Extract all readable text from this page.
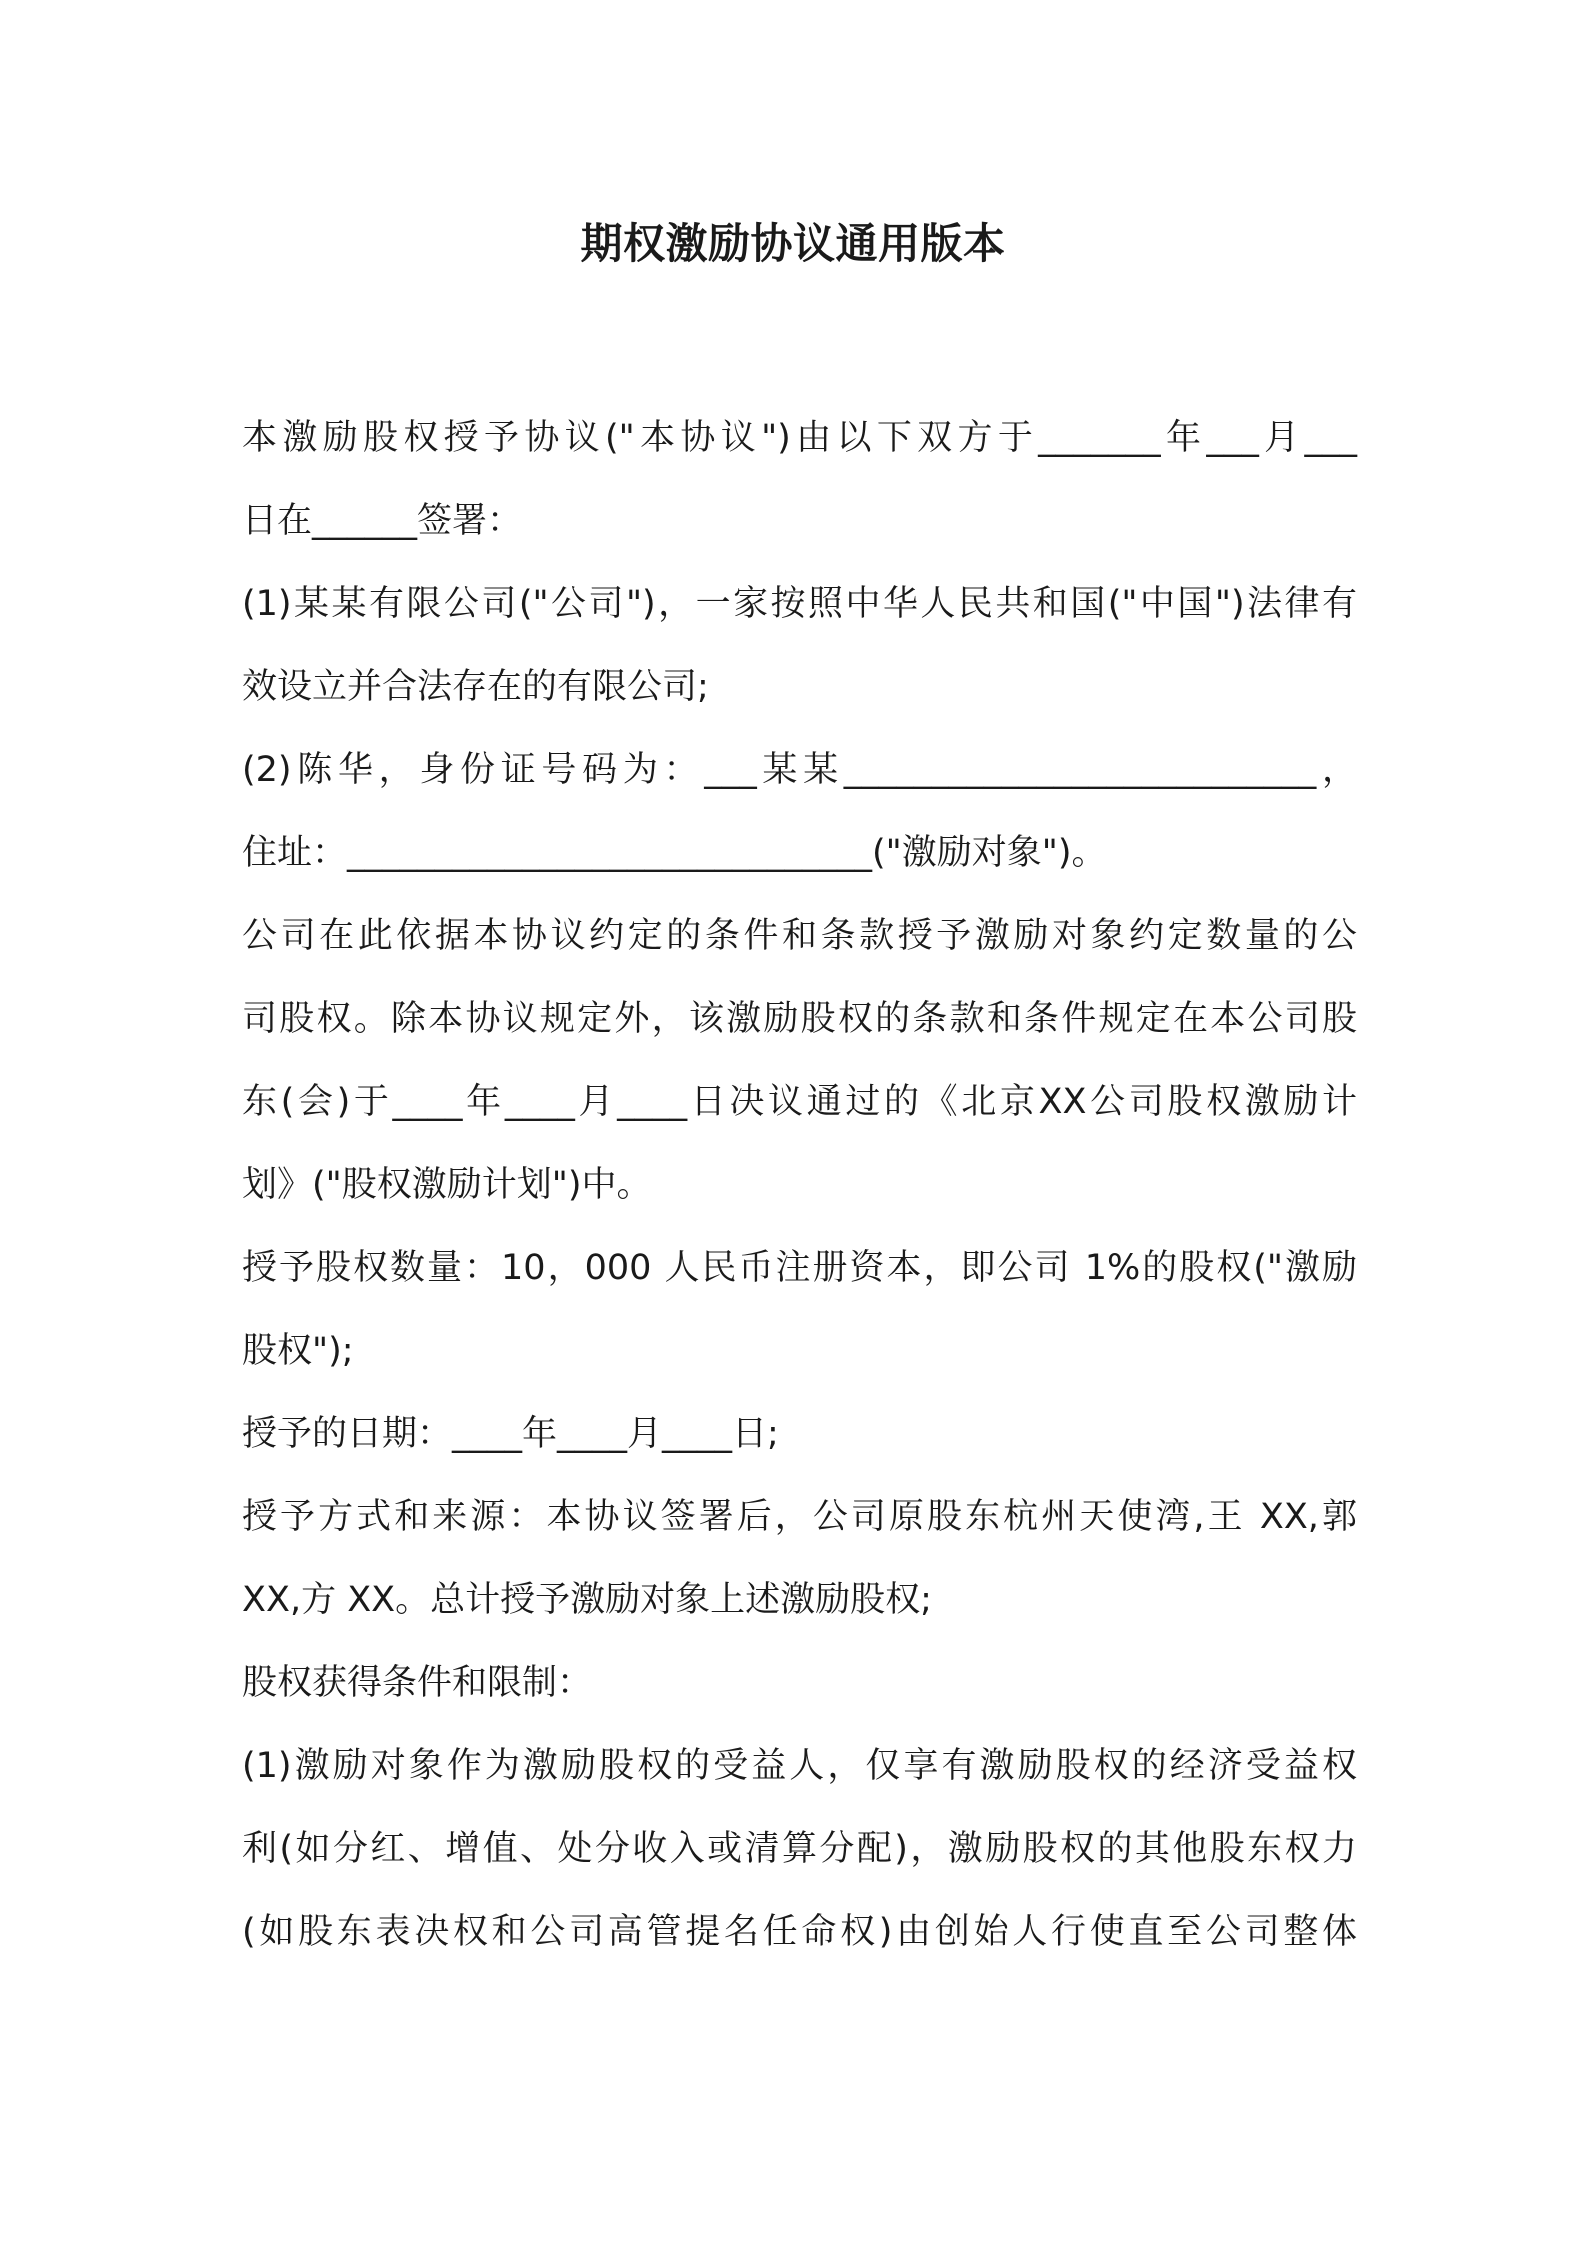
期权激励协议通用版本
本激励股权授予协议("本协议")由以下双方于_______年___月___
日在______签署：
(1)某某有限公司("公司")，一家按照中华人民共和国("中国")法律有
效设立并合法存在的有限公司;
(2)陈华，身份证号码为：___某某___________________________，
住址：______________________________("激励对象")。
公司在此依据本协议约定的条件和条款授予激励对象约定数量的公
司股权。除本协议规定外，该激励股权的条款和条件规定在本公司股
东(会)于____年____月____日决议通过的《北京XX公司股权激励计
划》("股权激励计划")中。
授予股权数量：10，000 人民币注册资本，即公司 1%的股权("激励
股权");
授予的日期：____年____月____日;
授予方式和来源：本协议签署后，公司原股东杭州天使湾,王 XX,郭
XX,方 XX。总计授予激励对象上述激励股权;
股权获得条件和限制：
(1)激励对象作为激励股权的受益人，仅享有激励股权的经济受益权
利(如分红、增值、处分收入或清算分配)，激励股权的其他股东权力
(如股东表决权和公司高管提名任命权)由创始人行使直至公司整体
